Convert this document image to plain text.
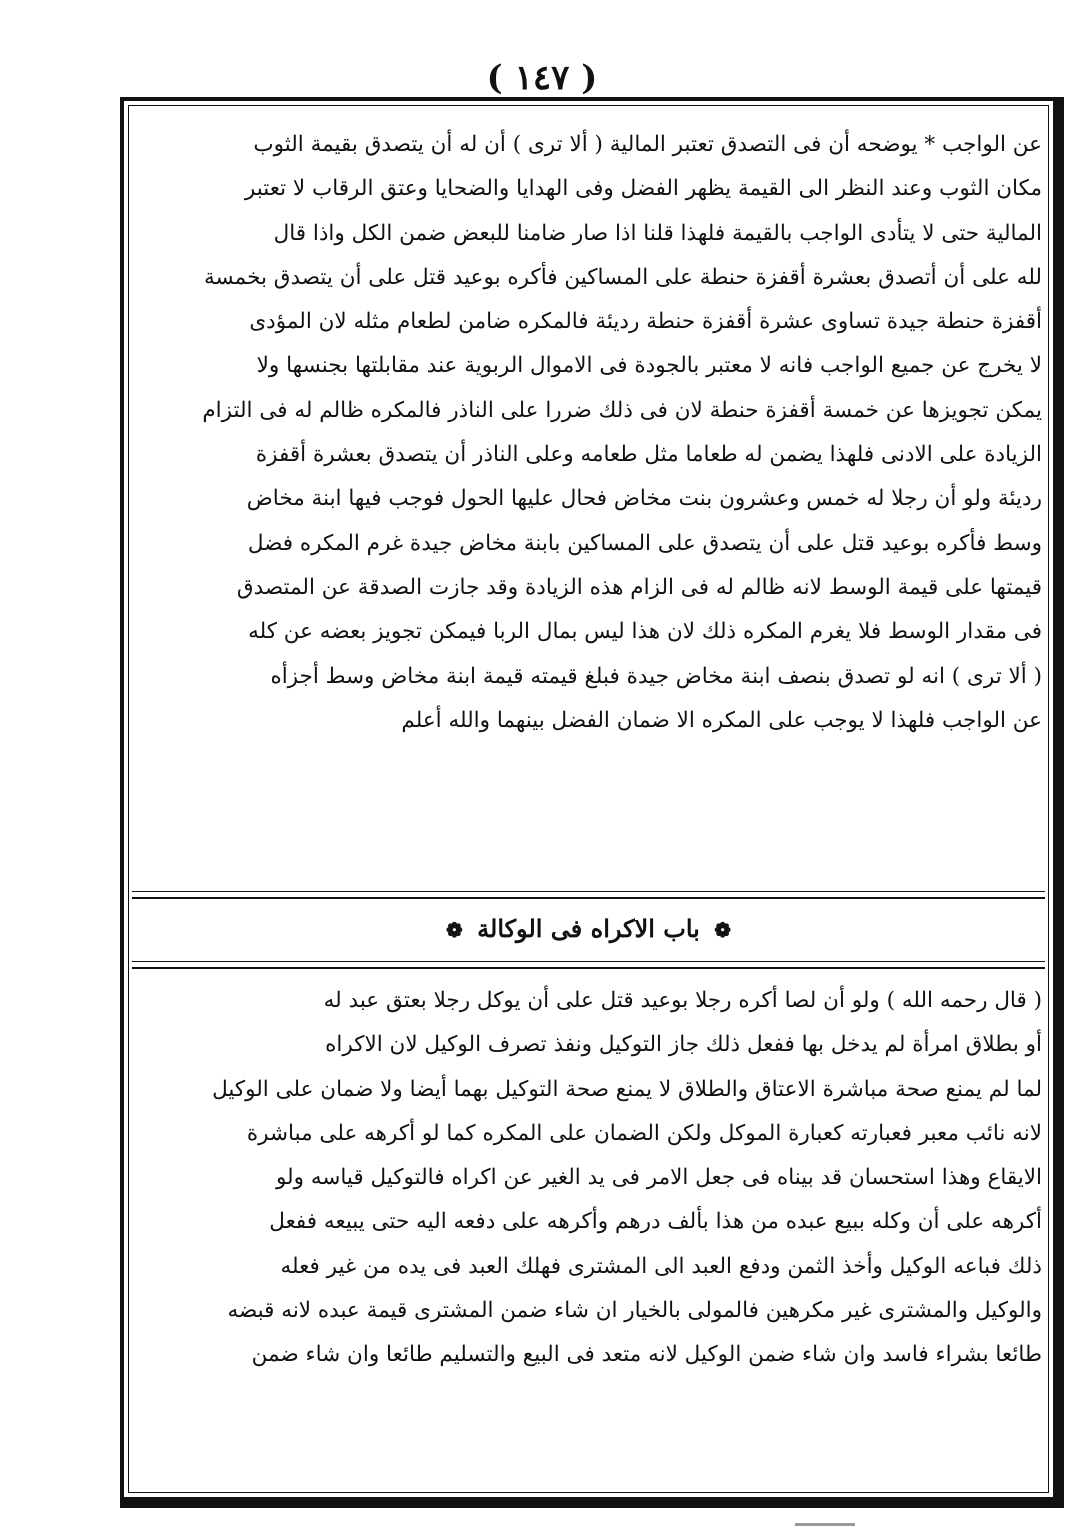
( ١٤٧ )
عن الواجب * يوضحه أن فى التصدق تعتبر المالية ( ألا ترى ) أن له أن يتصدق بقيمة الثوب
مكان الثوب وعند النظر الى القيمة يظهر الفضل وفى الهدايا والضحايا وعتق الرقاب لا تعتبر
المالية حتى لا يتأدى الواجب بالقيمة فلهذا قلنا اذا صار ضامنا للبعض ضمن الكل واذا قال
لله على أن أتصدق بعشرة أقفزة حنطة على المساكين فأكره بوعيد قتل على أن يتصدق بخمسة
أقفزة حنطة جيدة تساوى عشرة أقفزة حنطة رديئة فالمكره ضامن لطعام مثله لان المؤدى
لا يخرج عن جميع الواجب فانه لا معتبر بالجودة فى الاموال الربوية عند مقابلتها بجنسها ولا
يمكن تجويزها عن خمسة أقفزة حنطة لان فى ذلك ضررا على الناذر فالمكره ظالم له فى التزام
الزيادة على الادنى فلهذا يضمن له طعاما مثل طعامه وعلى الناذر أن يتصدق بعشرة أقفزة
رديئة ولو أن رجلا له خمس وعشرون بنت مخاض فحال عليها الحول فوجب فيها ابنة مخاض
وسط فأكره بوعيد قتل على أن يتصدق على المساكين بابنة مخاض جيدة غرم المكره فضل
قيمتها على قيمة الوسط لانه ظالم له فى الزام هذه الزيادة وقد جازت الصدقة عن المتصدق
فى مقدار الوسط فلا يغرم المكره ذلك لان هذا ليس بمال الربا فيمكن تجويز بعضه عن كله
( ألا ترى ) انه لو تصدق بنصف ابنة مخاض جيدة فبلغ قيمته قيمة ابنة مخاض وسط أجزأه
عن الواجب فلهذا لا يوجب على المكره الا ضمان الفضل بينهما والله أعلم
❁ باب الاكراه فى الوكالة ❁
( قال رحمه الله ) ولو أن لصا أكره رجلا بوعيد قتل على أن يوكل رجلا بعتق عبد له
أو بطلاق امرأة لم يدخل بها ففعل ذلك جاز التوكيل ونفذ تصرف الوكيل لان الاكراه
لما لم يمنع صحة مباشرة الاعتاق والطلاق لا يمنع صحة التوكيل بهما أيضا ولا ضمان على الوكيل
لانه نائب معبر فعبارته كعبارة الموكل ولكن الضمان على المكره كما لو أكرهه على مباشرة
الايقاع وهذا استحسان قد بيناه فى جعل الامر فى يد الغير عن اكراه فالتوكيل قياسه ولو
أكرهه على أن وكله ببيع عبده من هذا بألف درهم وأكرهه على دفعه اليه حتى يبيعه ففعل
ذلك فباعه الوكيل وأخذ الثمن ودفع العبد الى المشترى فهلك العبد فى يده من غير فعله
والوكيل والمشترى غير مكرهين فالمولى بالخيار ان شاء ضمن المشترى قيمة عبده لانه قبضه
طائعا بشراء فاسد وان شاء ضمن الوكيل لانه متعد فى البيع والتسليم طائعا وان شاء ضمن
